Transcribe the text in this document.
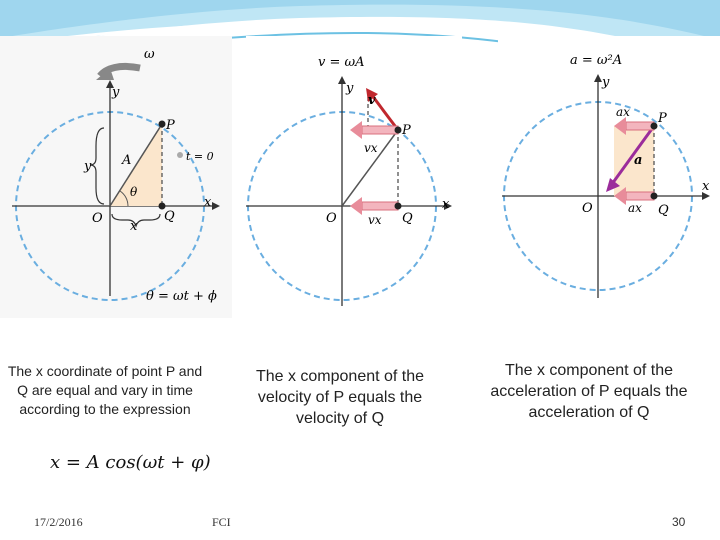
ω
y
x
O
P
Q
A
θ
t = 0
x
y
θ = ωt + ϕ
v = ωA
y
x
O
P
Q
v
vx
vx
a = ω²A
y
x
O
P
Q
a
ax
ax
The x coordinate of point P and Q are equal and vary in time according to the expression
The x component of the velocity of P equals the velocity of Q
The x component of the acceleration of P equals the acceleration of Q
x = A cos(ωt + φ)
17/2/2016	FCI	30
